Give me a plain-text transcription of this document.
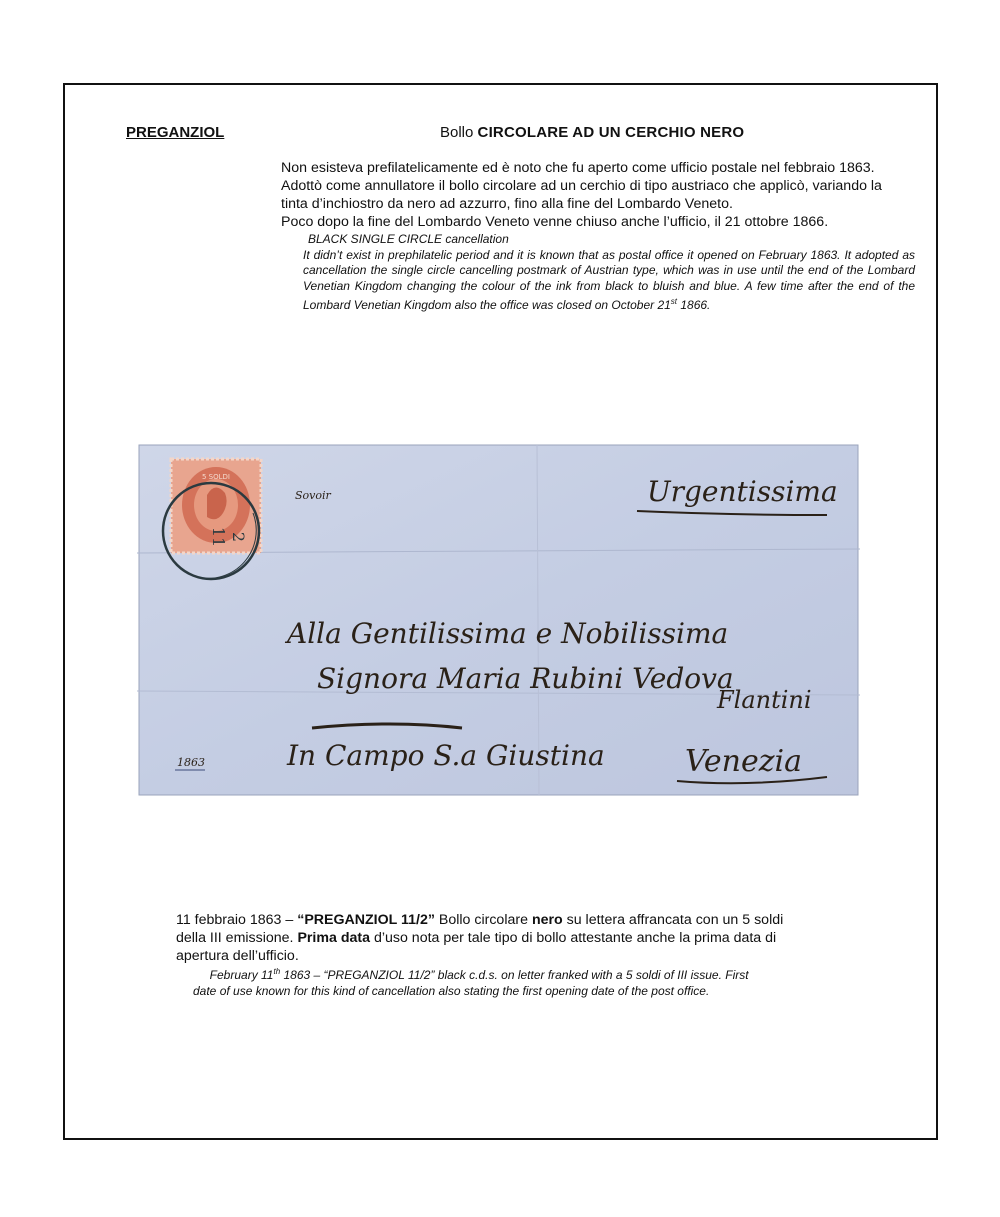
PREGANZIOL	Bollo CIRCOLARE AD UN CERCHIO NERO

Non esisteva prefilatelicamente ed è noto che fu aperto come ufficio postale nel febbraio 1863.

Adottò come annullatore il bollo circolare ad un cerchio di tipo austriaco che applicò, variando la

tinta d’inchiostro da nero ad azzurro, fino alla fine del Lombardo Veneto.

Poco dopo la fine del Lombardo Veneto venne chiuso anche l’ufficio, il 21 ottobre 1866.

BLACK SINGLE CIRCLE cancellation
It didn’t exist in prephilatelic period and it is known that as postal office it opened on February 1863. It adopted as cancellation the single circle cancelling postmark of Austrian type, which was in use until the end of the Lombard Venetian Kingdom changing the colour of the ink from black to bluish and blue. A few time after the end of the Lombard Venetian Kingdom also the office was closed on October 21st 1866.
5 SOLDI
11 2
Sovoir
1863
Urgentissima
Alla Gentilissima e Nobilissima
Signora Maria Rubini Vedova
Flantini
In Campo S.a Giustina	Venezia

11 febbraio 1863 – “PREGANZIOL 11/2” Bollo circolare nero su lettera affrancata con un 5 soldi

della III emissione. Prima data d’uso nota per tale tipo di bollo attestante anche la prima data di

apertura dell’ufficio.

February 11th 1863 – “PREGANZIOL 11/2” black c.d.s. on letter franked with a 5 soldi of III issue. First

date of use known for this kind of cancellation also stating the first opening date of the post office.
